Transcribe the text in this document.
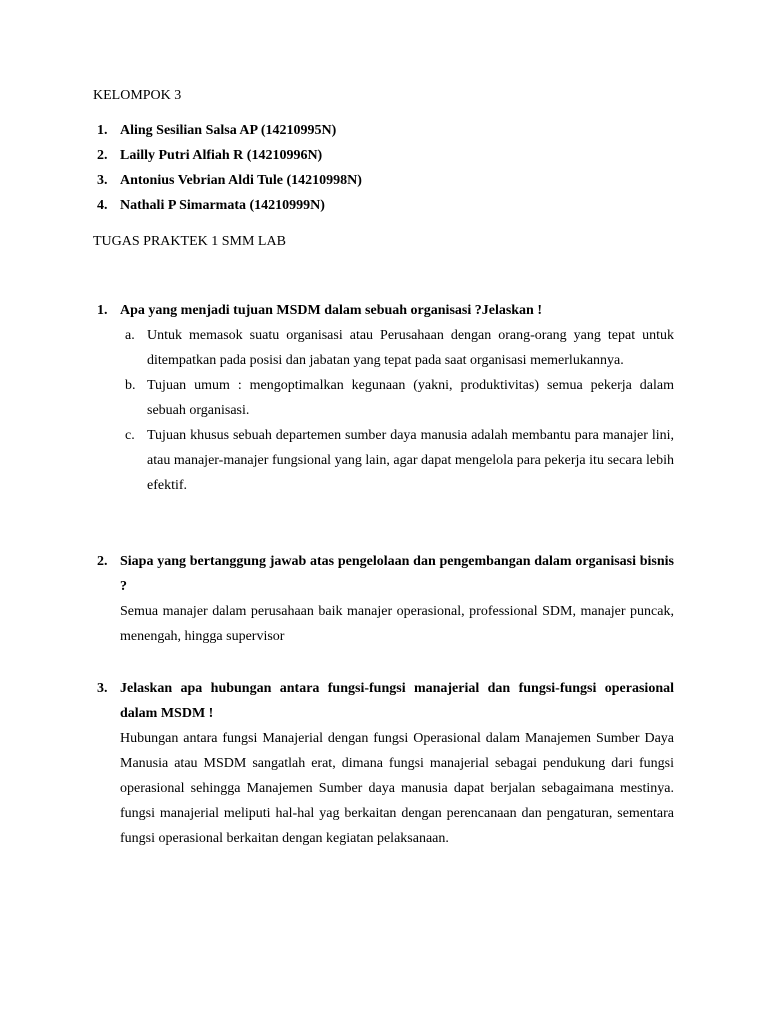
KELOMPOK 3
1. Aling Sesilian Salsa AP (14210995N)
2. Lailly Putri Alfiah R (14210996N)
3. Antonius Vebrian Aldi Tule (14210998N)
4. Nathali P Simarmata (14210999N)
TUGAS PRAKTEK 1 SMM LAB
1. Apa yang menjadi tujuan MSDM dalam sebuah organisasi ?Jelaskan !
a. Untuk memasok suatu organisasi atau Perusahaan dengan orang-orang yang tepat untuk ditempatkan pada posisi dan jabatan yang tepat pada saat organisasi memerlukannya.
b. Tujuan umum : mengoptimalkan kegunaan (yakni, produktivitas) semua pekerja dalam sebuah organisasi.
c. Tujuan khusus sebuah departemen sumber daya manusia adalah membantu para manajer lini, atau manajer-manajer fungsional yang lain, agar dapat mengelola para pekerja itu secara lebih efektif.
2. Siapa yang bertanggung jawab atas pengelolaan dan pengembangan dalam organisasi bisnis ?
Semua manajer dalam perusahaan baik manajer operasional, professional SDM, manajer puncak, menengah, hingga supervisor
3. Jelaskan apa hubungan antara fungsi-fungsi manajerial dan fungsi-fungsi operasional dalam MSDM !
Hubungan antara fungsi Manajerial dengan fungsi Operasional dalam Manajemen Sumber Daya Manusia atau MSDM sangatlah erat, dimana fungsi manajerial sebagai pendukung dari fungsi operasional sehingga Manajemen Sumber daya manusia dapat berjalan sebagaimana mestinya. fungsi manajerial meliputi hal-hal yag berkaitan dengan perencanaan dan pengaturan, sementara fungsi operasional berkaitan dengan kegiatan pelaksanaan.
